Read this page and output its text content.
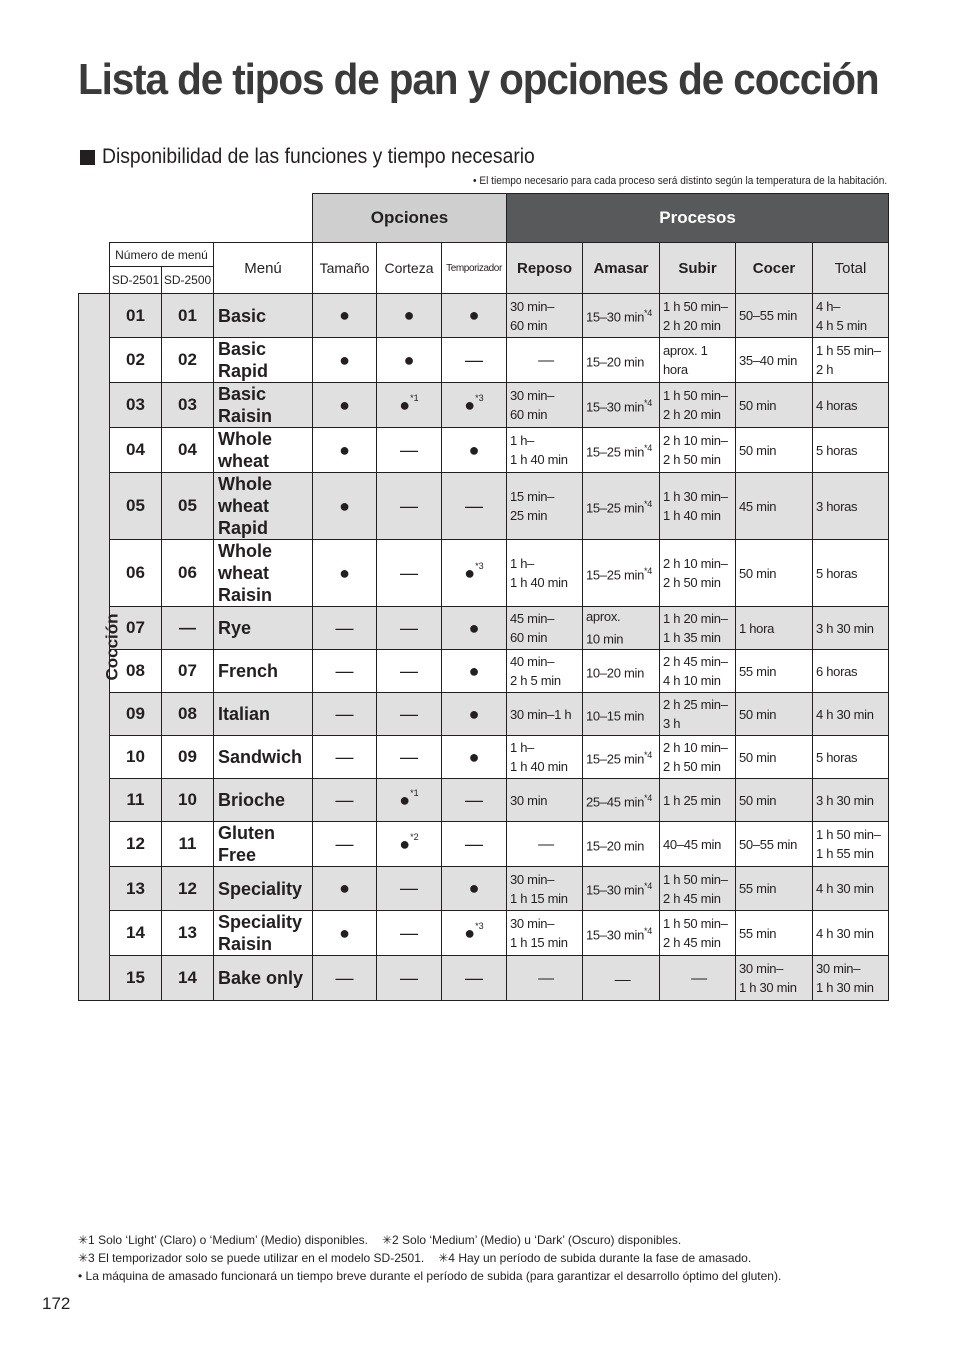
Lista de tipos de pan y opciones de cocción
Disponibilidad de las funciones y tiempo necesario
• El tiempo necesario para cada proceso será distinto según la temperatura de la habitación.
				Opciones			Procesos				
	Número de menú		Menú	Tamaño	Corteza	Temporizador	Reposo	Amasar	Subir	Cocer	Total
	SD-2501	SD-2500									
Cocción	01	01	Basic	●	●	●	30 min–
60 min	15–30 $\min^{*4}$	1 h 50 min–
2 h 20 min	50–55 min	4 h–
4 h 5 min
	02	02	Basic
Rapid	●	●	—	—	15–20 min	aprox. 1
hora	35–40 min	1 h 55 min–
2 h
	03	03	Basic
Raisin	●	●$^{*1}$	●$^{*3}$	30 min–
60 min	15–30 $\min^{*4}$	1 h 50 min–
2 h 20 min	50 min	4 horas
	04	04	Whole
wheat	●	—	●	1 h–
1 h 40 min	15–25 $\min^{*4}$	2 h 10 min–
2 h 50 min	50 min	5 horas
	05	05	Whole
wheat
Rapid	●	—	—	15 min–
25 min	15–25 $\min^{*4}$	1 h 30 min–
1 h 40 min	45 min	3 horas
	06	06	Whole
wheat
Raisin	●	—	●$^{*3}$	1 h–
1 h 40 min	15–25 $\min^{*4}$	2 h 10 min–
2 h 50 min	50 min	5 horas
	07	—	Rye	—	—	●	45 min–
60 min	aprox.
10 min	1 h 20 min–
1 h 35 min	1 hora	3 h 30 min
	08	07	French	—	—	●	40 min–
2 h 5 min	10–20 min	2 h 45 min–
4 h 10 min	55 min	6 horas
	09	08	Italian	—	—	●	30 min–1 h	10–15 min	2 h 25 min–
3 h	50 min	4 h 30 min
	10	09	Sandwich	—	—	●	1 h–
1 h 40 min	15–25 $\min^{*4}$	2 h 10 min–
2 h 50 min	50 min	5 horas
	11	10	Brioche	—	●$^{*1}$	—	30 min	25–45 $\min^{*4}$	1 h 25 min	50 min	3 h 30 min
	12	11	Gluten
Free	—	●$^{*2}$	—	—	15–20 min	40–45 min	50–55 min	1 h 50 min–
1 h 55 min
	13	12	Speciality	●	—	●	30 min–
1 h 15 min	15–30 $\min^{*4}$	1 h 50 min–
2 h 45 min	55 min	4 h 30 min
	14	13	Speciality
Raisin	●	—	●$^{*3}$	30 min–
1 h 15 min	15–30 $\min^{*4}$	1 h 50 min–
2 h 45 min	55 min	4 h 30 min
	15	14	Bake only	—	—	—	—	—	—	30 min–
1 h 30 min	30 min–
1 h 30 min
✳1 Solo ‘Light’ (Claro) o ‘Medium’ (Medio) disponibles. ✳2 Solo ‘Medium’ (Medio) u ‘Dark’ (Oscuro) disponibles.
✳3 El temporizador solo se puede utilizar en el modelo SD-2501. ✳4 Hay un período de subida durante la fase de amasado.
• La máquina de amasado funcionará un tiempo breve durante el período de subida (para garantizar el desarrollo óptimo del gluten).
172
